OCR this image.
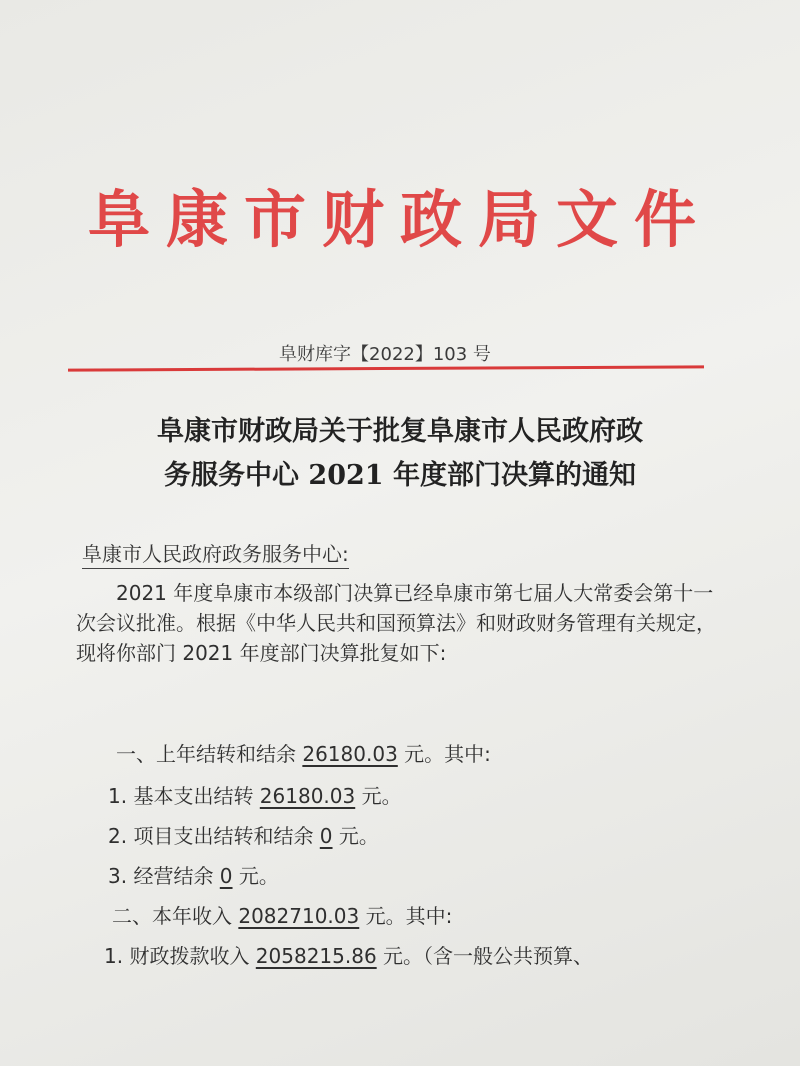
阜康市财政局文件
阜财库字【2022】103 号
阜康市财政局关于批复阜康市人民政府政
务服务中心 2021 年度部门决算的通知
阜康市人民政府政务服务中心:
2021 年度阜康市本级部门决算已经阜康市第七届人大常委会第十一次会议批准。根据《中华人民共和国预算法》和财政财务管理有关规定，现将你部门 2021 年度部门决算批复如下:
一、上年结转和结余 26180.03 元。其中:
1. 基本支出结转 26180.03 元。
2. 项目支出结转和结余 0 元。
3. 经营结余 0 元。
二、本年收入 2082710.03 元。其中:
1. 财政拨款收入 2058215.86 元。（含一般公共预算、
